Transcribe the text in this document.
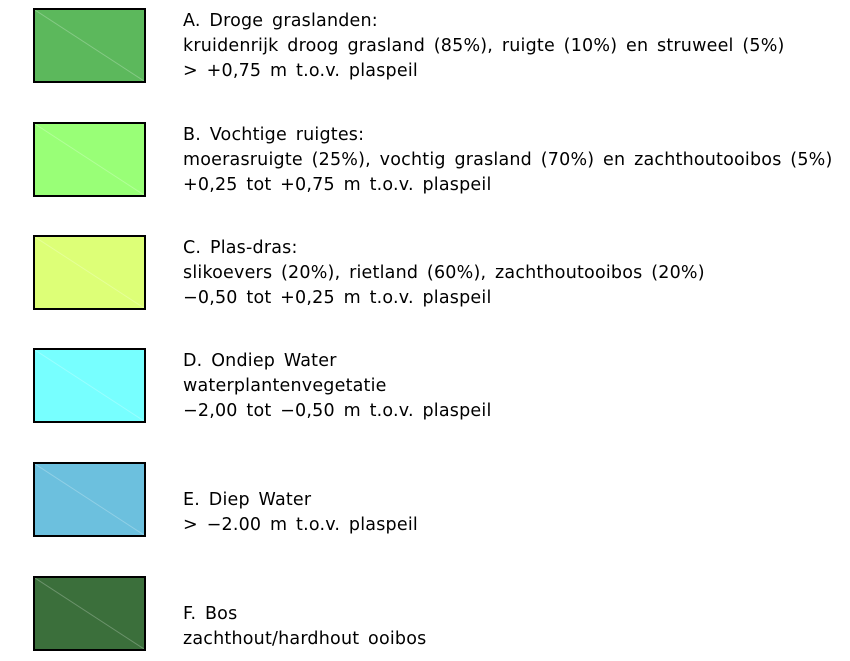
A. Droge graslanden:
kruidenrijk droog grasland (85%), ruigte (10%) en struweel (5%)
> +0,75 m t.o.v. plaspeil
B. Vochtige ruigtes:
moerasruigte (25%), vochtig grasland (70%) en zachthoutooibos (5%)
+0,25 tot +0,75 m t.o.v. plaspeil
C. Plas-dras:
slikoevers (20%), rietland (60%), zachthoutooibos (20%)
−0,50 tot +0,25 m t.o.v. plaspeil
D. Ondiep Water
waterplantenvegetatie
−2,00 tot −0,50 m t.o.v. plaspeil
E. Diep Water
> −2.00 m t.o.v. plaspeil
F. Bos
zachthout/hardhout ooibos
